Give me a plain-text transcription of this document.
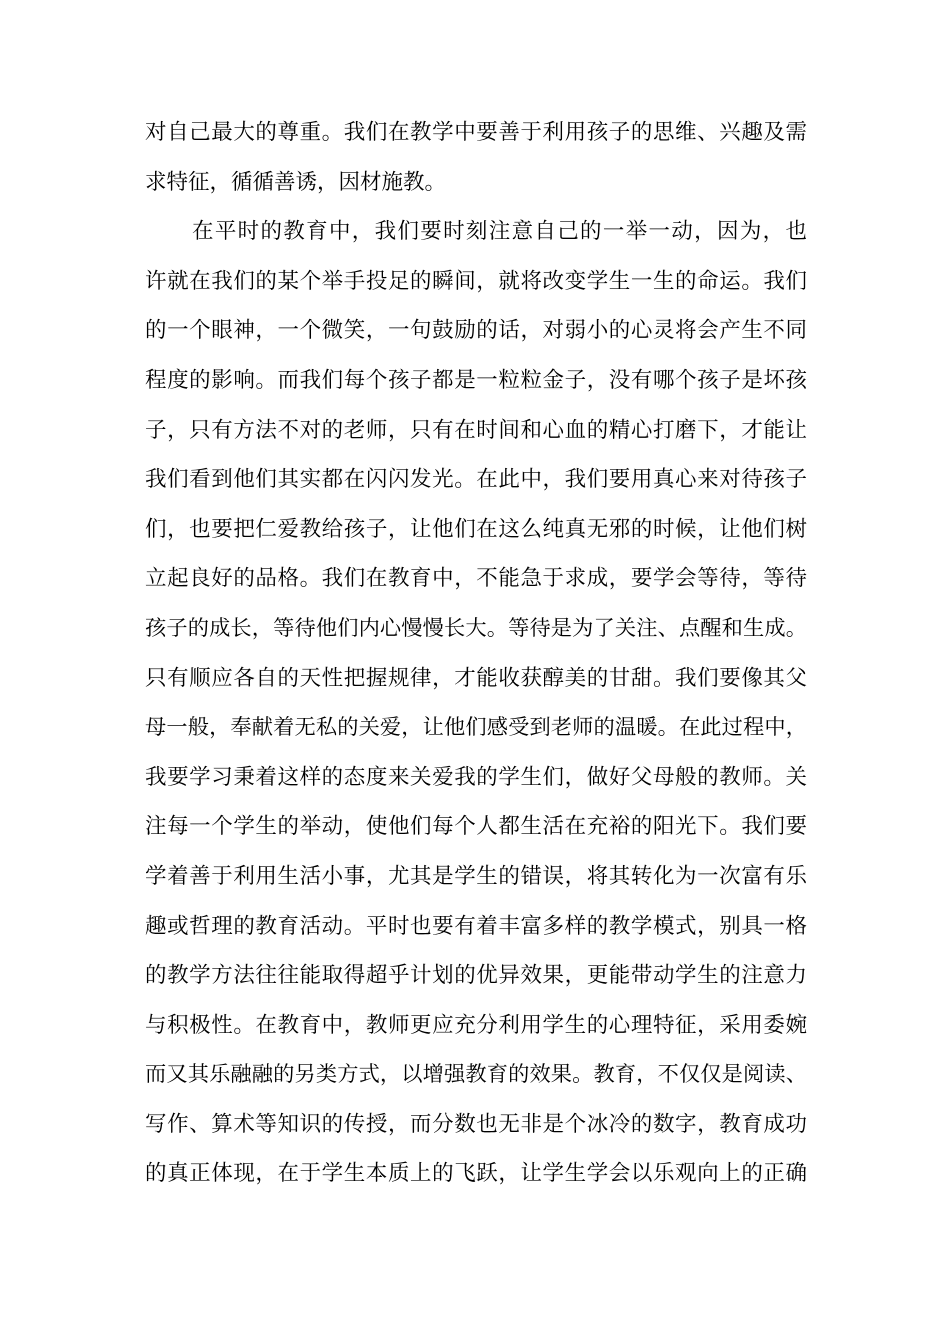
对自己最大的尊重。我们在教学中要善于利用孩子的思维、兴趣及需
求特征，循循善诱，因材施教。
在平时的教育中，我们要时刻注意自己的一举一动，因为，也
许就在我们的某个举手投足的瞬间，就将改变学生一生的命运。我们
的一个眼神，一个微笑，一句鼓励的话，对弱小的心灵将会产生不同
程度的影响。而我们每个孩子都是一粒粒金子，没有哪个孩子是坏孩
子，只有方法不对的老师，只有在时间和心血的精心打磨下，才能让
我们看到他们其实都在闪闪发光。在此中，我们要用真心来对待孩子
们，也要把仁爱教给孩子，让他们在这么纯真无邪的时候，让他们树
立起良好的品格。我们在教育中，不能急于求成，要学会等待，等待
孩子的成长，等待他们内心慢慢长大。等待是为了关注、点醒和生成。
只有顺应各自的天性把握规律，才能收获醇美的甘甜。我们要像其父
母一般，奉献着无私的关爱，让他们感受到老师的温暖。在此过程中，
我要学习秉着这样的态度来关爱我的学生们，做好父母般的教师。关
注每一个学生的举动，使他们每个人都生活在充裕的阳光下。我们要
学着善于利用生活小事，尤其是学生的错误，将其转化为一次富有乐
趣或哲理的教育活动。平时也要有着丰富多样的教学模式，别具一格
的教学方法往往能取得超乎计划的优异效果，更能带动学生的注意力
与积极性。在教育中，教师更应充分利用学生的心理特征，采用委婉
而又其乐融融的另类方式，以增强教育的效果。教育，不仅仅是阅读、
写作、算术等知识的传授，而分数也无非是个冰冷的数字，教育成功
的真正体现，在于学生本质上的飞跃，让学生学会以乐观向上的正确
